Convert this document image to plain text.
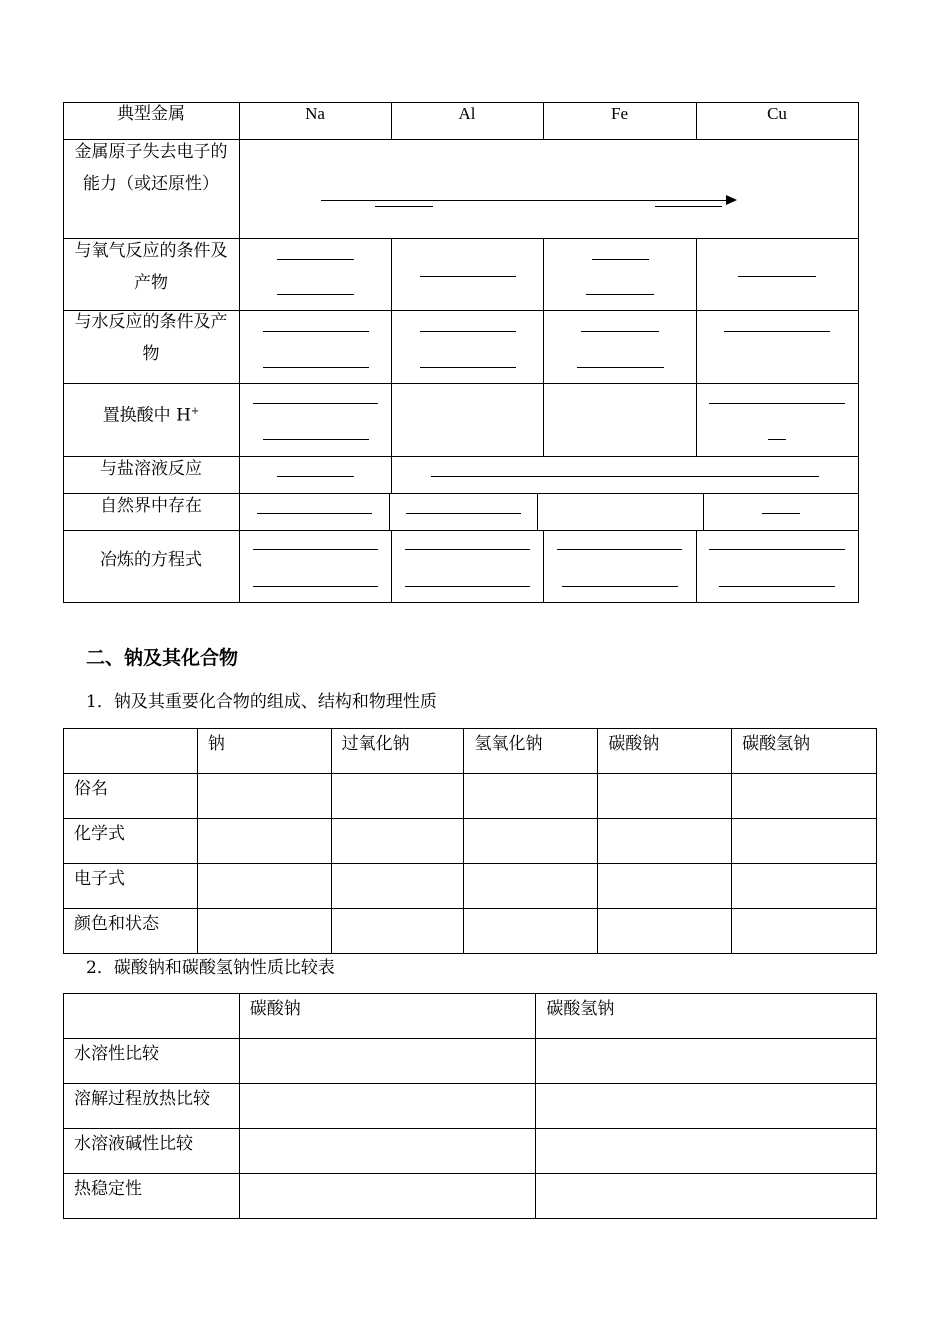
典型金属	Na	Al	Fe	Cu
金属原子失去电子的能力（或还原性）
与氧气反应的条件及产物
与水反应的条件及产物
置换酸中 H+
与盐溶液反应
自然界中存在
冶炼的方程式
二、钠及其化合物
1．钠及其重要化合物的组成、结构和物理性质
	钠	过氧化钠	氢氧化钠	碳酸钠	碳酸氢钠
俗名					
化学式					
电子式					
颜色和状态					
2．碳酸钠和碳酸氢钠性质比较表
	碳酸钠	碳酸氢钠
水溶性比较		
溶解过程放热比较		
水溶液碱性比较		
热稳定性		
